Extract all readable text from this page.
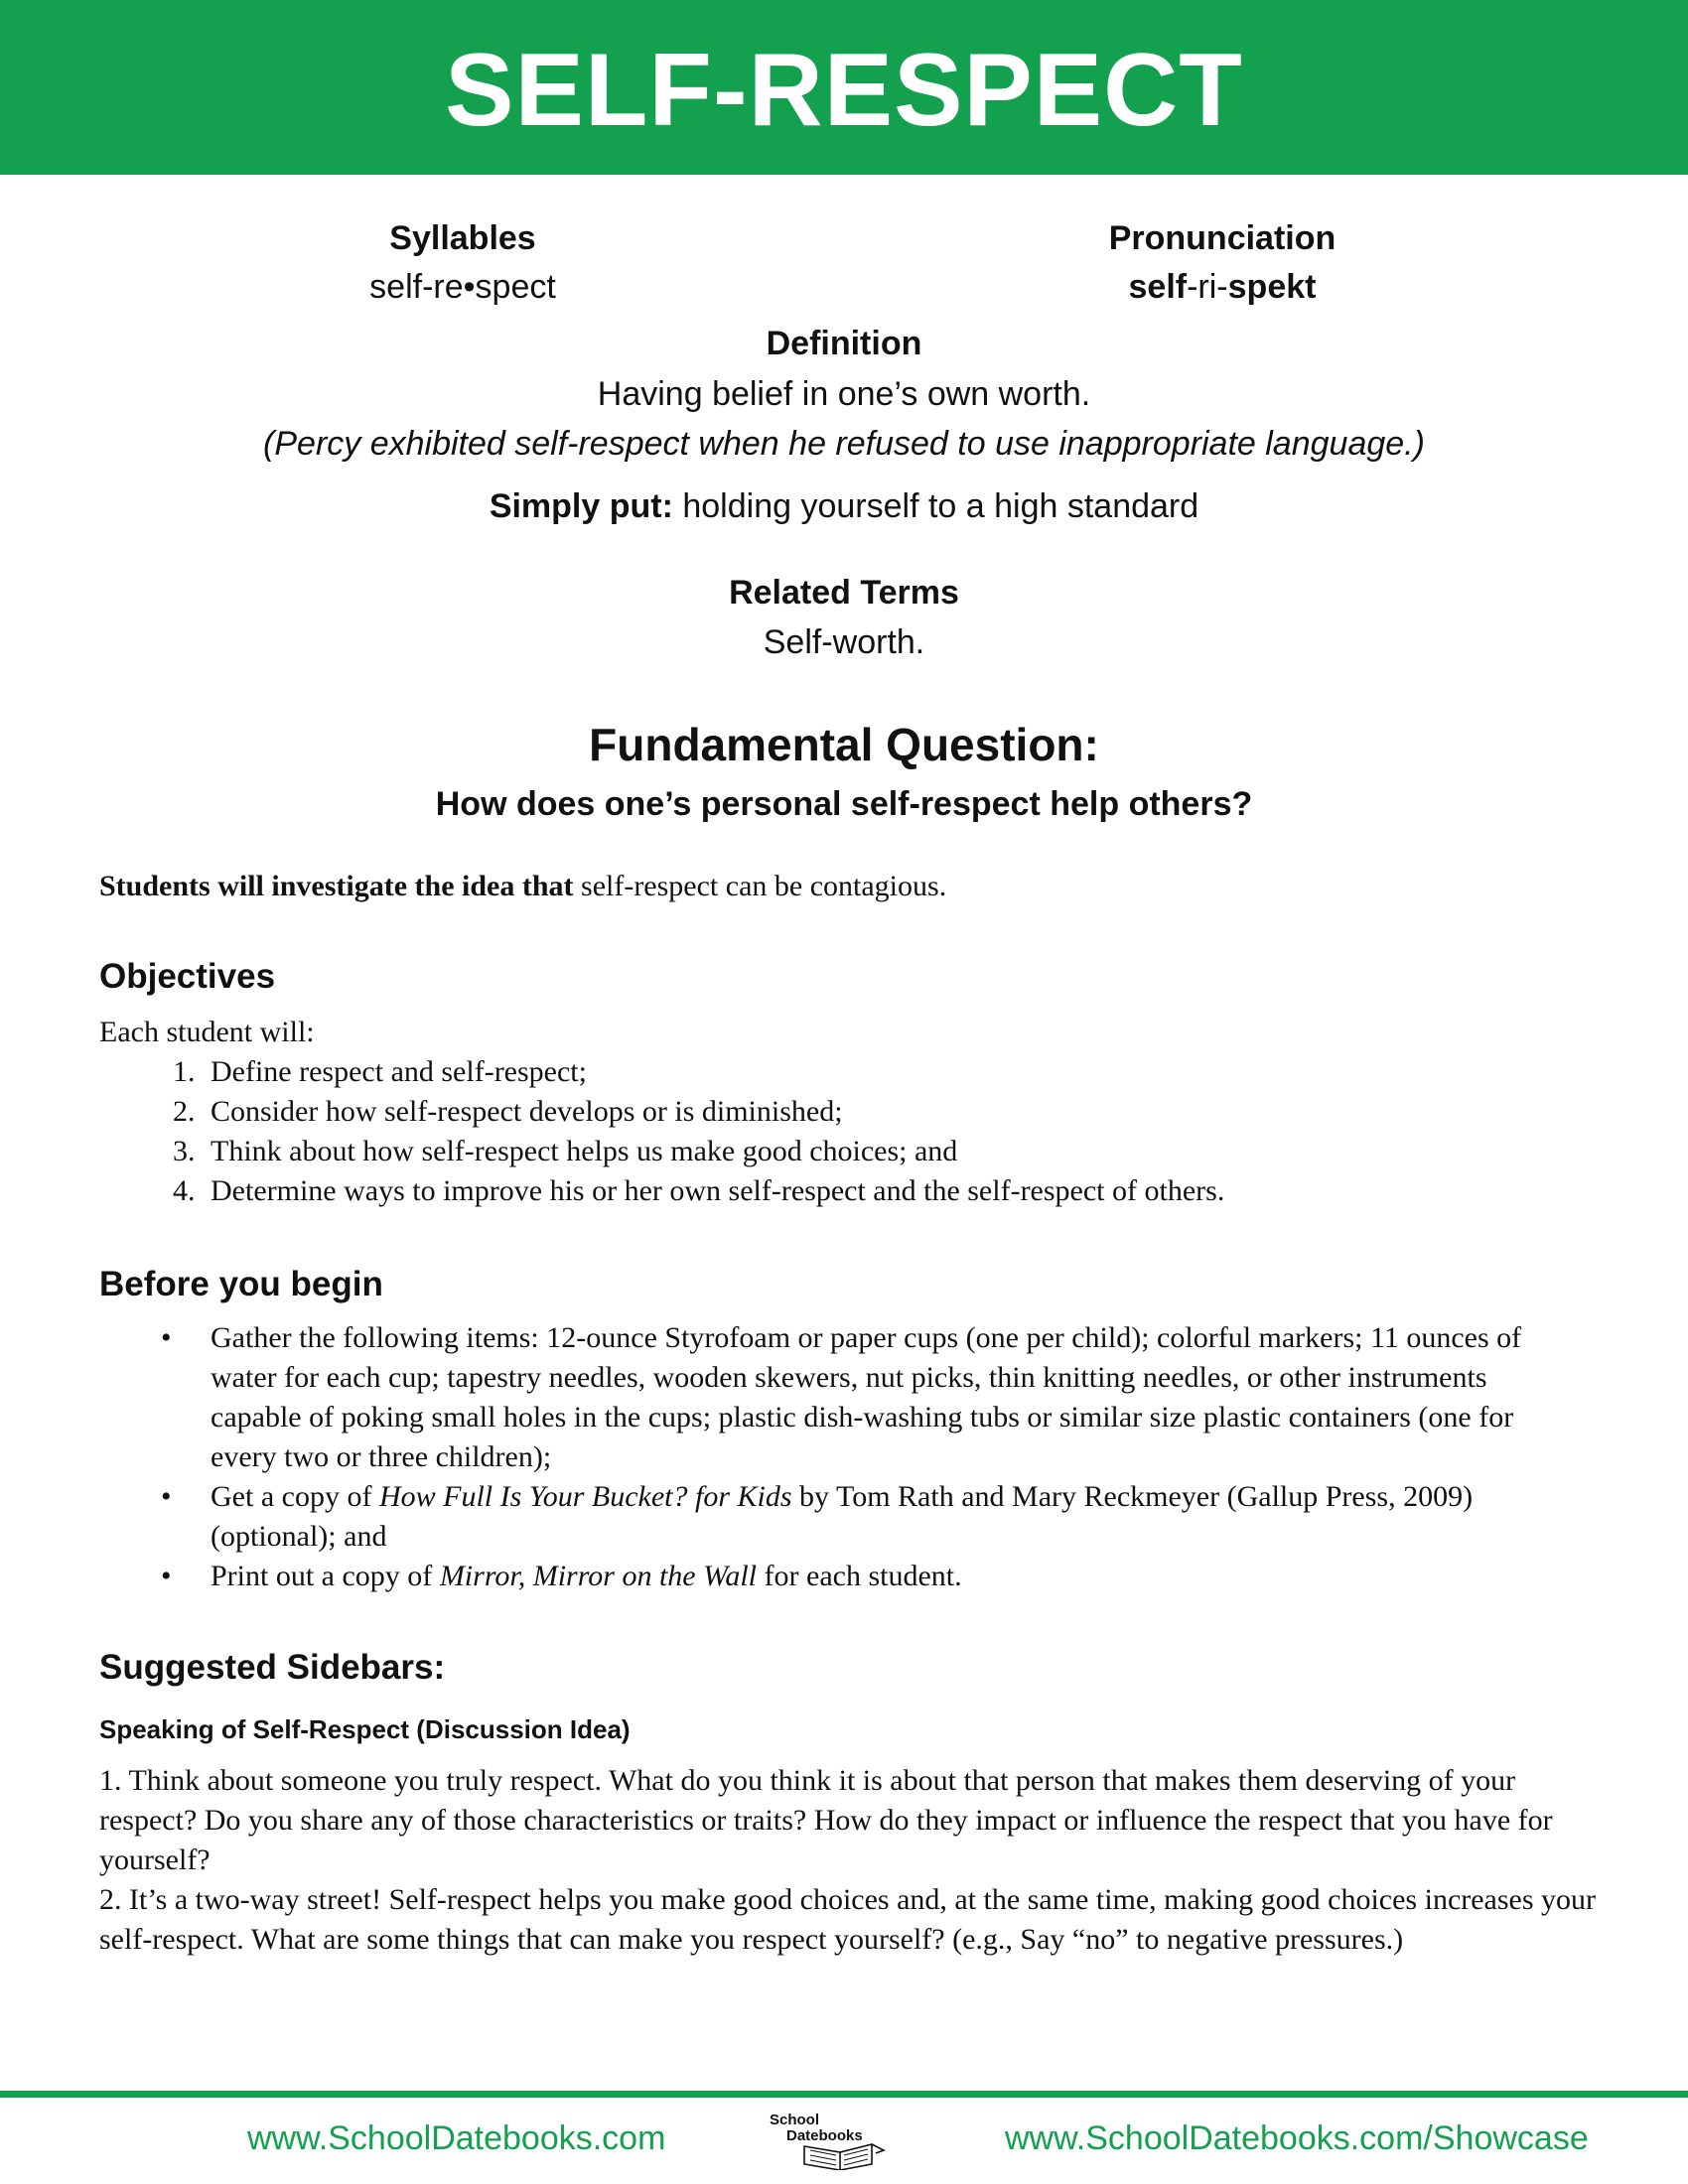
SELF-RESPECT
Syllables
self-re•spect
Pronunciation
self-ri-spekt
Definition
Having belief in one’s own worth.
(Percy exhibited self-respect when he refused to use inappropriate language.)
Simply put: holding yourself to a high standard
Related Terms
Self-worth.
Fundamental Question:
How does one’s personal self-respect help others?
Students will investigate the idea that self-respect can be contagious.
Objectives
Each student will:
1. Define respect and self-respect;
2. Consider how self-respect develops or is diminished;
3. Think about how self-respect helps us make good choices; and
4. Determine ways to improve his or her own self-respect and the self-respect of others.
Before you begin
• Gather the following items: 12-ounce Styrofoam or paper cups (one per child); colorful markers; 11 ounces of water for each cup; tapestry needles, wooden skewers, nut picks, thin knitting needles, or other instruments capable of poking small holes in the cups; plastic dish-washing tubs or similar size plastic containers (one for every two or three children);
• Get a copy of How Full Is Your Bucket? for Kids by Tom Rath and Mary Reckmeyer (Gallup Press, 2009) (optional); and
• Print out a copy of Mirror, Mirror on the Wall for each student.
Suggested Sidebars:
Speaking of Self-Respect (Discussion Idea)

1. Think about someone you truly respect. What do you think it is about that person that makes them deserving of your respect? Do you share any of those characteristics or traits? How do they impact or influence the respect that you have for yourself?

2. It’s a two-way street! Self-respect helps you make good choices and, at the same time, making good choices increases your self-respect. What are some things that can make you respect yourself? (e.g., Say “no” to negative pressures.)

www.SchoolDatebooks.com	School
Datebooks	www.SchoolDatebooks.com/Showcase
